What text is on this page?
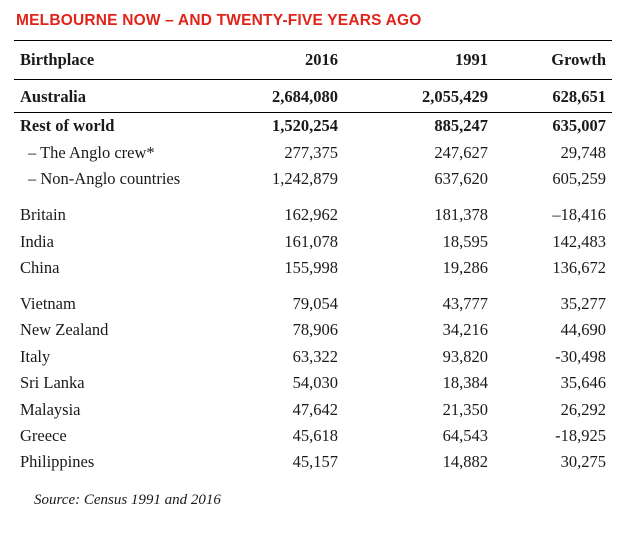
MELBOURNE NOW – AND TWENTY-FIVE YEARS AGO
Birthplace	2016	1991	Growth
Australia	2,684,080	2,055,429	628,651
Rest of world	1,520,254	885,247	635,007
– The Anglo crew*	277,375	247,627	29,748
– Non-Anglo countries	1,242,879	637,620	605,259
Britain	162,962	181,378	–18,416
India	161,078	18,595	142,483
China	155,998	19,286	136,672
Vietnam	79,054	43,777	35,277
New Zealand	78,906	34,216	44,690
Italy	63,322	93,820	-30,498
Sri Lanka	54,030	18,384	35,646
Malaysia	47,642	21,350	26,292
Greece	45,618	64,543	-18,925
Philippines	45,157	14,882	30,275
Source: Census 1991 and 2016
